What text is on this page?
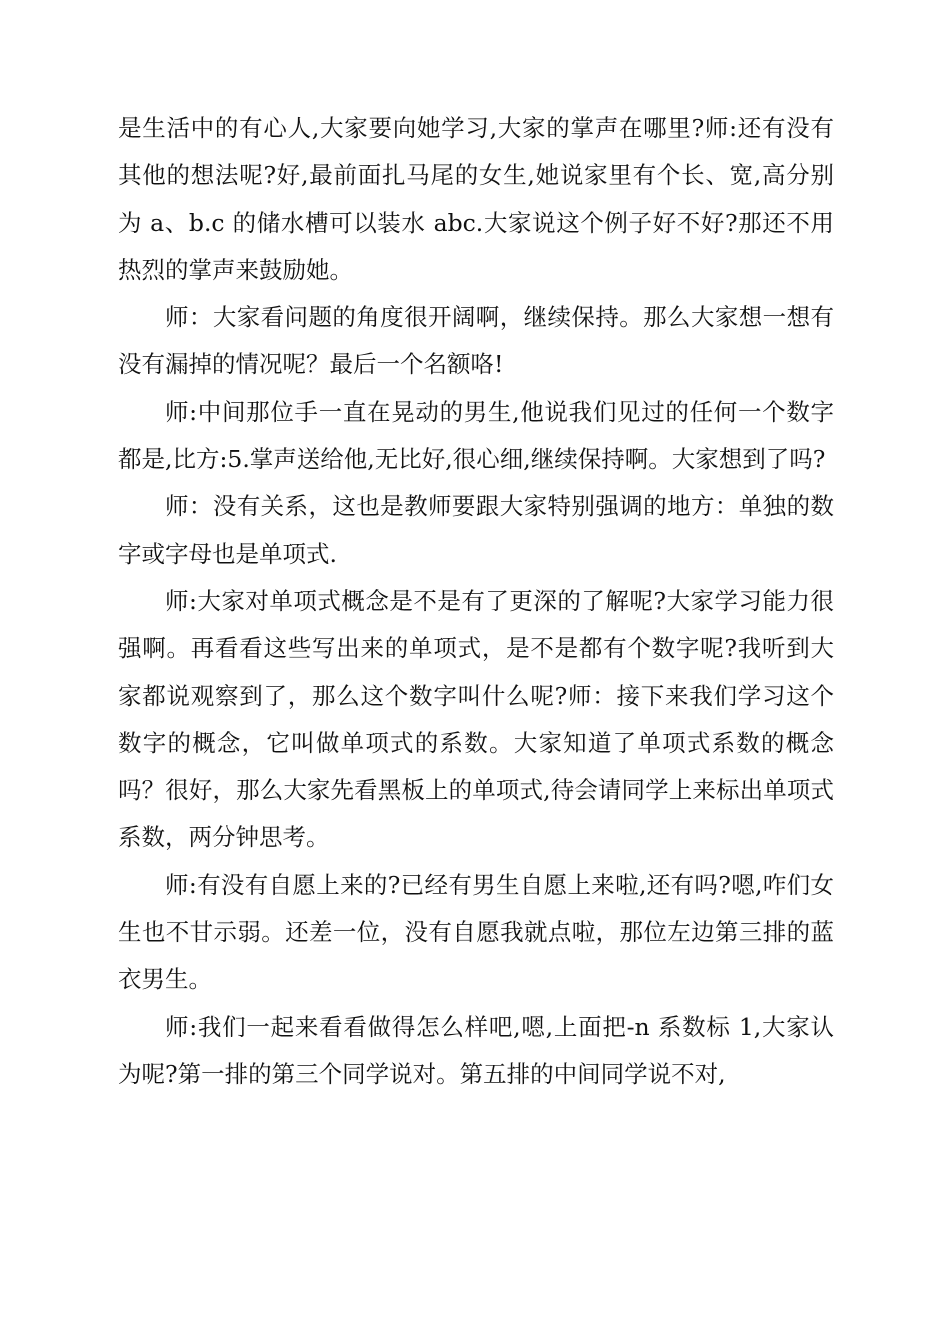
是生活中的有心人,大家要向她学习,大家的掌声在哪里?师:还有没有其他的想法呢?好,最前面扎马尾的女生,她说家里有个长、宽,高分别为 a、b.c 的储水槽可以装水 abc.大家说这个例子好不好?那还不用热烈的掌声来鼓励她。

师：大家看问题的角度很开阔啊，继续保持。那么大家想一想有没有漏掉的情况呢？最后一个名额咯!

师:中间那位手一直在晃动的男生,他说我们见过的任何一个数字都是,比方:5.掌声送给他,无比好,很心细,继续保持啊。大家想到了吗?

师：没有关系，这也是教师要跟大家特别强调的地方：单独的数字或字母也是单项式.

师:大家对单项式概念是不是有了更深的了解呢?大家学习能力很强啊。再看看这些写出来的单项式，是不是都有个数字呢?我听到大家都说观察到了，那么这个数字叫什么呢?师：接下来我们学习这个数字的概念，它叫做单项式的系数。大家知道了单项式系数的概念吗？很好，那么大家先看黑板上的单项式,待会请同学上来标出单项式系数，两分钟思考。

师:有没有自愿上来的?已经有男生自愿上来啦,还有吗?嗯,咋们女生也不甘示弱。还差一位，没有自愿我就点啦，那位左边第三排的蓝衣男生。

师:我们一起来看看做得怎么样吧,嗯,上面把-n 系数标 1,大家认为呢?第一排的第三个同学说对。第五排的中间同学说不对,
